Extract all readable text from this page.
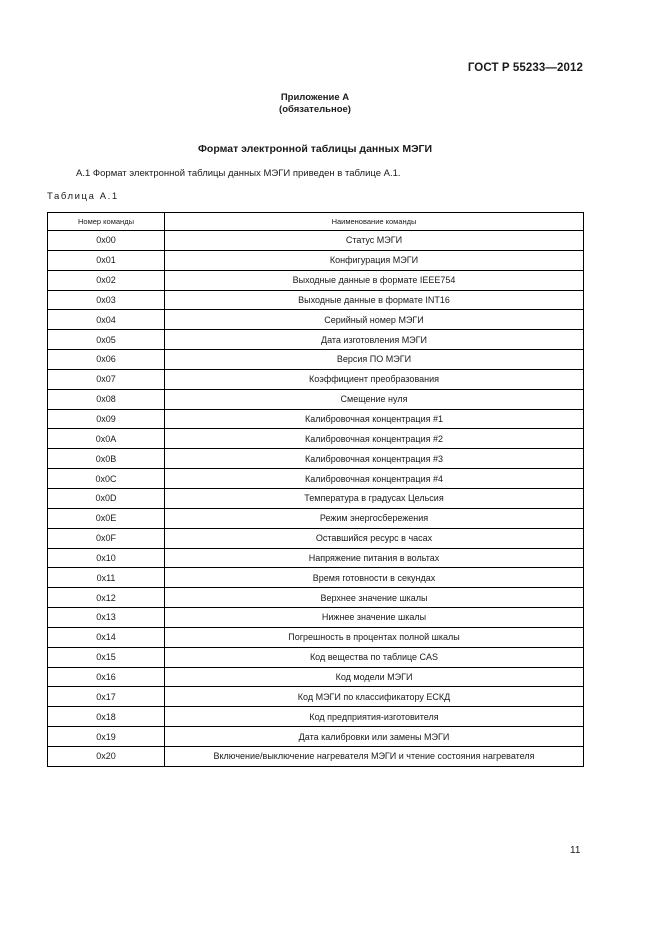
ГОСТ Р 55233—2012
Приложение А
(обязательное)
Формат электронной таблицы данных МЭГИ
А.1 Формат электронной таблицы данных МЭГИ приведен в таблице А.1.
Таблица А.1
Номер команды	Наименование команды
0x00	Статус МЭГИ
0x01	Конфигурация МЭГИ
0x02	Выходные данные в формате IEEE754
0x03	Выходные данные в формате INT16
0x04	Серийный номер МЭГИ
0x05	Дата изготовления МЭГИ
0x06	Версия ПО МЭГИ
0x07	Коэффициент преобразования
0x08	Смещение нуля
0x09	Калибровочная концентрация #1
0x0A	Калибровочная концентрация #2
0x0B	Калибровочная концентрация #3
0x0C	Калибровочная концентрация #4
0x0D	Температура в градусах Цельсия
0x0E	Режим энергосбережения
0x0F	Оставшийся ресурс в часах
0x10	Напряжение питания в вольтах
0x11	Время готовности в секундах
0x12	Верхнее значение шкалы
0x13	Нижнее значение шкалы
0x14	Погрешность в процентах полной шкалы
0x15	Код вещества по таблице CAS
0x16	Код модели МЭГИ
0x17	Код МЭГИ по классификатору ЕСКД
0x18	Код предприятия-изготовителя
0x19	Дата калибровки или замены МЭГИ
0x20	Включение/выключение нагревателя МЭГИ и чтение состояния нагревателя
11
